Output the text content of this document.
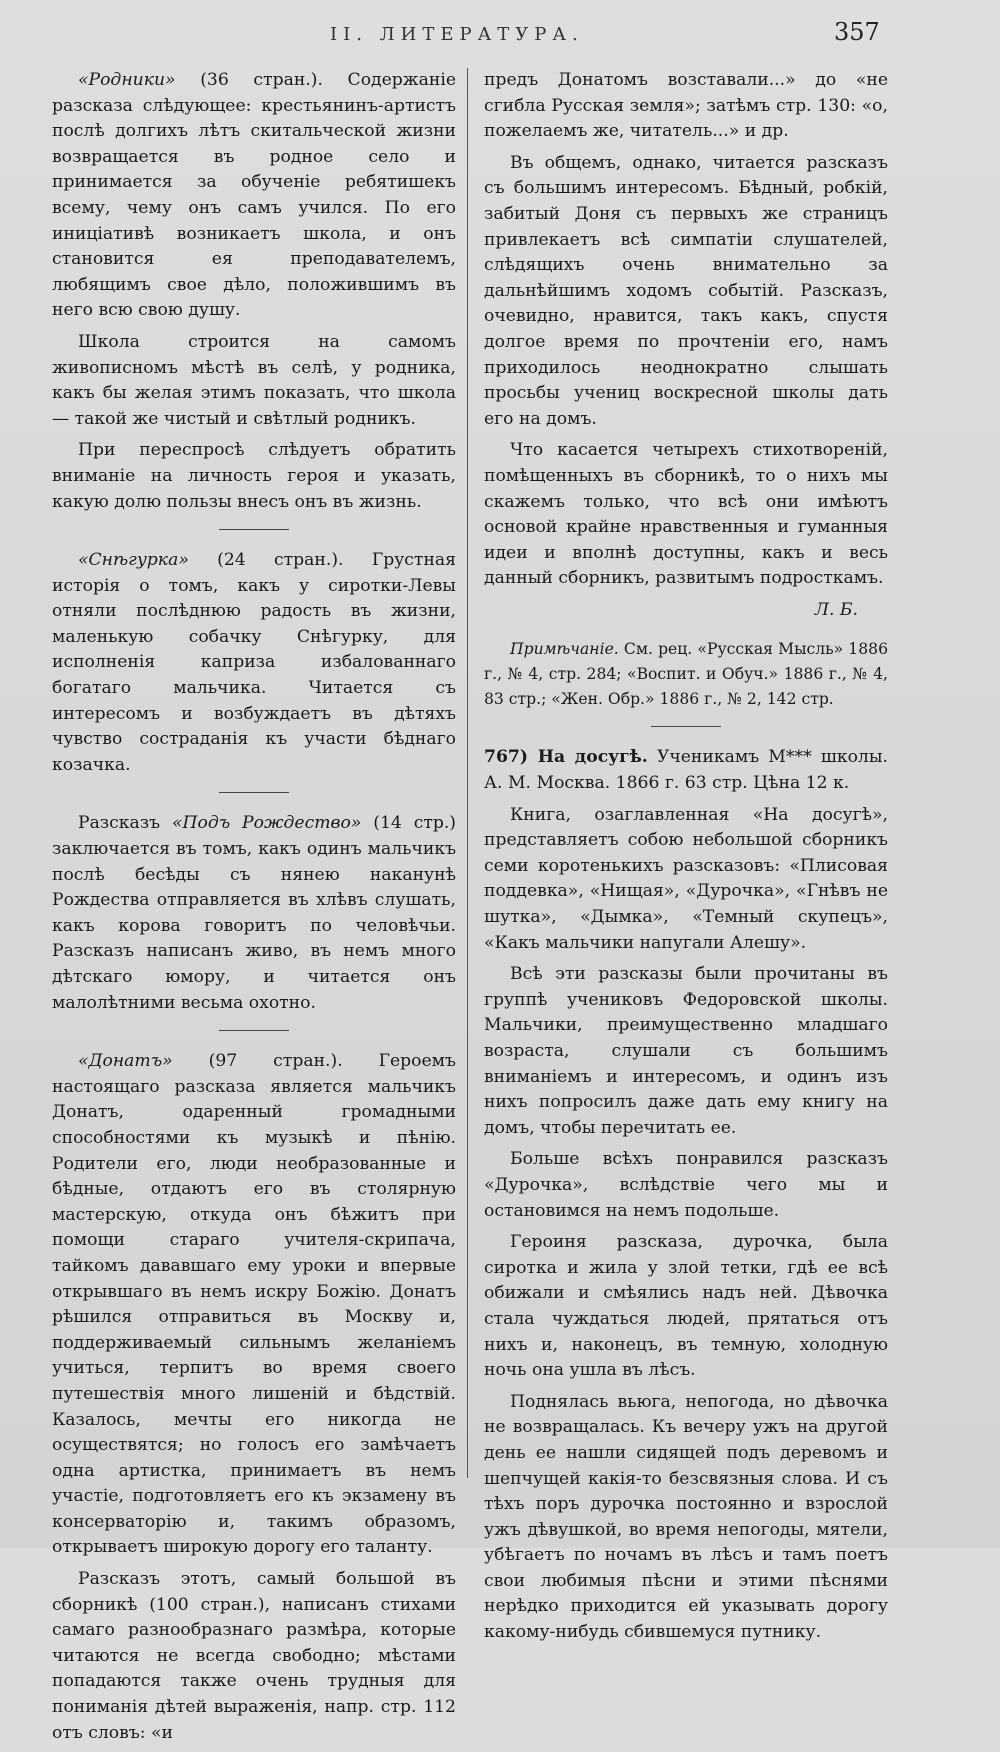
II. ЛИТЕРАТУРА.	357

«Родники» (36 стран.). Содержаніе разсказа слѣдующее: крестьянинъ-артистъ послѣ долгихъ лѣтъ скитальческой жизни возвращается въ родное село и принимается за обученіе ребятишекъ всему, чему онъ самъ учился. По его иниціативѣ возникаетъ школа, и онъ становится ея преподавателемъ, любящимъ свое дѣло, положившимъ въ него всю свою душу.

Школа строится на самомъ живописномъ мѣстѣ въ селѣ, у родника, какъ бы желая этимъ показать, что школа — такой же чистый и свѣтлый родникъ.

При переспросѣ слѣдуетъ обратить вниманіе на личность героя и указать, какую долю пользы внесъ онъ въ жизнь.

«Снѣгурка» (24 стран.). Грустная исторія о томъ, какъ у сиротки-Левы отняли послѣднюю радость въ жизни, маленькую собачку Снѣгурку, для исполненія каприза избалованнаго богатаго мальчика. Читается съ интересомъ и возбуждаетъ въ дѣтяхъ чувство состраданія къ участи бѣднаго козачка.

Разсказъ «Подъ Рождество» (14 стр.) заключается въ томъ, какъ одинъ мальчикъ послѣ бесѣды съ нянею наканунѣ Рождества отправляется въ хлѣвъ слушать, какъ корова говоритъ по человѣчьи. Разсказъ написанъ живо, въ немъ много дѣтскаго юмору, и читается онъ малолѣтними весьма охотно.

«Донатъ» (97 стран.). Героемъ настоящаго разсказа является мальчикъ Донатъ, одаренный громадными способностями къ музыкѣ и пѣнію. Родители его, люди необразованные и бѣдные, отдаютъ его въ столярную мастерскую, откуда онъ бѣжитъ при помощи стараго учителя-скрипача, тайкомъ дававшаго ему уроки и впервые открывшаго въ немъ искру Божію. Донатъ рѣшился отправиться въ Москву и, поддерживаемый сильнымъ желаніемъ учиться, терпитъ во время своего путешествія много лишеній и бѣдствій. Казалось, мечты его никогда не осуществятся; но голосъ его замѣчаетъ одна артистка, принимаетъ въ немъ участіе, подготовляетъ его къ экзамену въ консерваторію и, такимъ образомъ, открываетъ широкую дорогу его таланту.

Разсказъ этотъ, самый большой въ сборникѣ (100 стран.), написанъ стихами самаго разнообразнаго размѣра, которые читаются не всегда свободно; мѣстами попадаются также очень трудныя для пониманія дѣтей выраженія, напр. стр. 112 отъ словъ: «и

предъ Донатомъ возставали...» до «не сгибла Русская земля»; затѣмъ стр. 130: «о, пожелаемъ же, читатель...» и др.

Въ общемъ, однако, читается разсказъ съ большимъ интересомъ. Бѣдный, робкій, забитый Доня съ первыхъ же страницъ привлекаетъ всѣ симпатіи слушателей, слѣдящихъ очень внимательно за дальнѣйшимъ ходомъ событій. Разсказъ, очевидно, нравится, такъ какъ, спустя долгое время по прочтеніи его, намъ приходилось неоднократно слышать просьбы учениц воскресной школы дать его на домъ.

Что касается четырехъ стихотвореній, помѣщенныхъ въ сборникѣ, то о нихъ мы скажемъ только, что всѣ они имѣютъ основой крайне нравственныя и гуманныя идеи и вполнѣ доступны, какъ и весь данный сборникъ, развитымъ подросткамъ.

Л. Б.

Примѣчаніе. См. рец. «Русская Мысль» 1886 г., № 4, стр. 284; «Воспит. и Обуч.» 1886 г., № 4, 83 стр.; «Жен. Обр.» 1886 г., № 2, 142 стр.

767) На досугѣ. Ученикамъ М*** школы. А. М. Москва. 1866 г. 63 стр. Цѣна 12 к.

Книга, озаглавленная «На досугѣ», представляетъ собою небольшой сборникъ семи коротенькихъ разсказовъ: «Плисовая поддевка», «Нищая», «Дурочка», «Гнѣвъ не шутка», «Дымка», «Темный скупецъ», «Какъ мальчики напугали Алешу».

Всѣ эти разсказы были прочитаны въ группѣ учениковъ Федоровской школы. Мальчики, преимущественно младшаго возраста, слушали съ большимъ вниманіемъ и интересомъ, и одинъ изъ нихъ попросилъ даже дать ему книгу на домъ, чтобы перечитать ее.

Больше всѣхъ понравился разсказъ «Дурочка», вслѣдствіе чего мы и остановимся на немъ подольше.

Героиня разсказа, дурочка, была сиротка и жила у злой тетки, гдѣ ее всѣ обижали и смѣялись надъ ней. Дѣвочка стала чуждаться людей, прятаться отъ нихъ и, наконецъ, въ темную, холодную ночь она ушла въ лѣсъ.

Поднялась вьюга, непогода, но дѣвочка не возвращалась. Къ вечеру ужъ на другой день ее нашли сидящей подъ деревомъ и шепчущей какія-то безсвязныя слова. И съ тѣхъ поръ дурочка постоянно и взрослой ужъ дѣвушкой, во время непогоды, мятели, убѣгаетъ по ночамъ въ лѣсъ и тамъ поетъ свои любимыя пѣсни и этими пѣснями нерѣдко приходится ей указывать дорогу какому-нибудь сбившемуся путнику.
